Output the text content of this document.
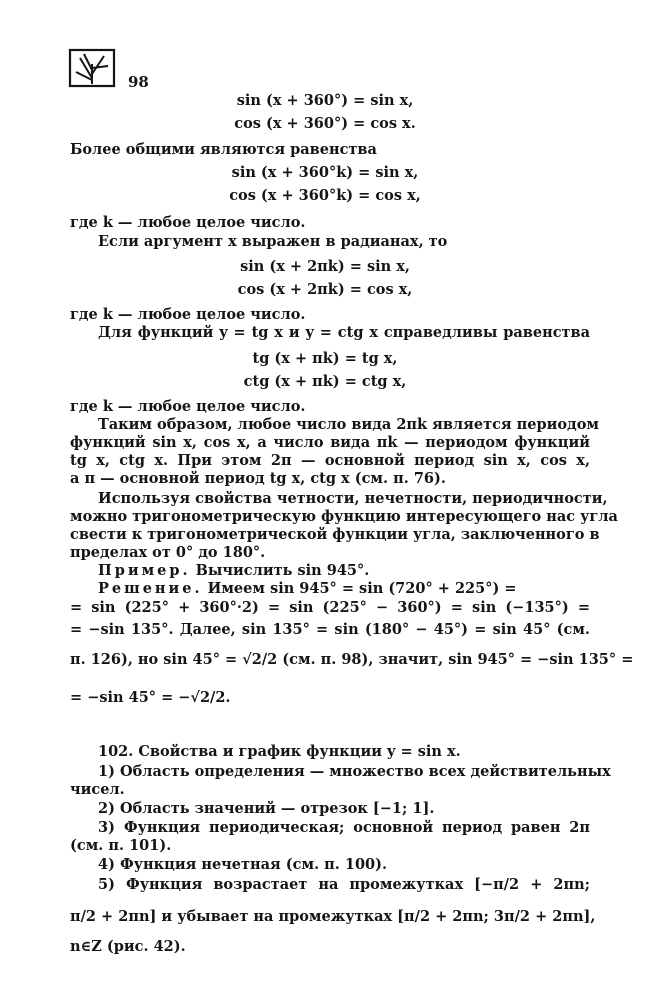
98

sin (x + 360°) = sin x,

cos (x + 360°) = cos x.

Более общими являются равенства

sin (x + 360°k) = sin x,

cos (x + 360°k) = cos x,

где k — любое целое число.

Если аргумент x выражен в радианах, то

sin (x + 2πk) = sin x,

cos (x + 2πk) = cos x,

где k — любое целое число.

Для функций y = tg x и y = ctg x справедливы равенства

tg (x + πk) = tg x,

ctg (x + πk) = ctg x,

где k — любое целое число.

Таким образом, любое число вида 2πk является периодом

функций sin x, cos x, а число вида πk — периодом функций

tg x, ctg x. При этом 2π — основной период sin x, cos x,

а π — основной период tg x, ctg x (см. п. 76).

Используя свойства четности, нечетности, периодичности,

можно тригонометрическую функцию интересующего нас угла

свести к тригонометрической функции угла, заключенного в

пределах от 0° до 180°.

Пример. Вычислить sin 945°.

Решение. Имеем sin 945° = sin (720° + 225°) =

= sin (225° + 360°·2) = sin (225° − 360°) = sin (−135°) =

= −sin 135°. Далее, sin 135° = sin (180° − 45°) = sin 45° (см.

п. 126), но sin 45° = √2/2 (см. п. 98), значит, sin 945° = −sin 135° =

= −sin 45° = −√2/2.

102. Свойства и график функции y = sin x.

1) Область определения — множество всех действительных

чисел.

2) Область значений — отрезок [−1; 1].

3) Функция периодическая; основной период равен 2π

(см. п. 101).

4) Функция нечетная (см. п. 100).

5) Функция возрастает на промежутках [−π/2 + 2πn;

π/2 + 2πn] и убывает на промежутках [π/2 + 2πn; 3π/2 + 2πn],

n∈Z (рис. 42).
